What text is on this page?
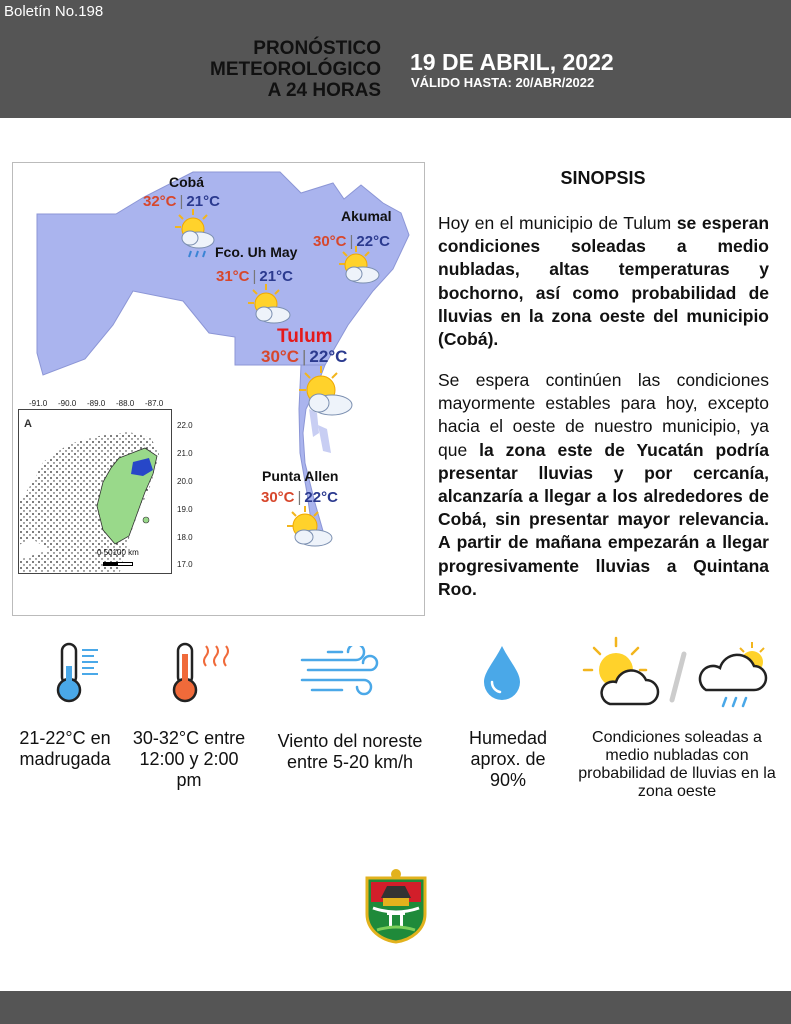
Boletín No.198
PRONÓSTICO
METEOROLÓGICO
A 24 HORAS
19 DE ABRIL, 2022
VÁLIDO HASTA: 20/ABR/2022
Cobá
32°C | 21°C
Akumal
30°C | 22°C
Fco. Uh May
31°C | 21°C
Tulum
30°C | 22°C
Punta Allen
30°C | 22°C
-91.0 -90.0 -89.0 -88.0 -87.0
22.0
21.0
20.0
19.0
18.0
17.0
A
0 50100 km
SINOPSIS
Hoy en el municipio de Tulum se esperan condiciones soleadas a medio nubladas, altas temperaturas y bochorno, así como probabilidad de lluvias en la zona oeste del municipio (Cobá).
Se espera continúen las condiciones mayormente estables para hoy, excepto hacia el oeste de nuestro municipio, ya que la zona este de Yucatán podría presentar lluvias y por cercanía, alcanzaría a llegar a los alrededores de Cobá, sin presentar mayor relevancia. A partir de mañana empezarán a llegar progresivamente lluvias a Quintana Roo.
21-22°C en madrugada
30-32°C entre 12:00 y 2:00 pm
Viento del noreste entre 5-20 km/h
Humedad aprox. de 90%
Condiciones soleadas a medio nubladas con probabilidad de lluvias en la zona oeste
